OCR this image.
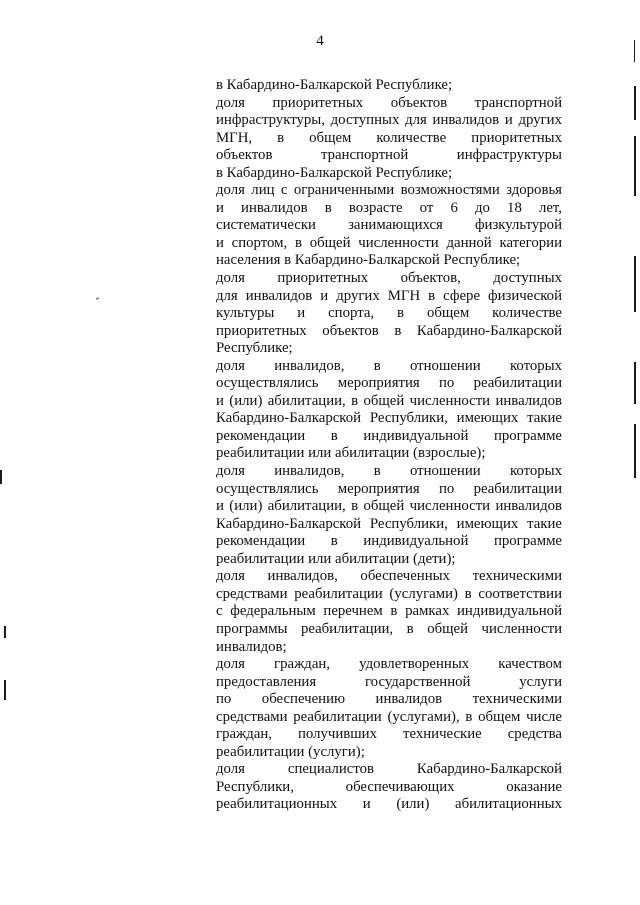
4
в Кабардино-Балкарской Республике;
доля приоритетных объектов транспортной
инфраструктуры, доступных для инвалидов и других
МГН, в общем количестве приоритетных
объектов транспортной инфраструктуры
в Кабардино-Балкарской Республике;
доля лиц с ограниченными возможностями здоровья
и инвалидов в возрасте от 6 до 18 лет,
систематически занимающихся физкультурой
и спортом, в общей численности данной категории
населения в Кабардино-Балкарской Республике;
доля приоритетных объектов, доступных
для инвалидов и других МГН в сфере физической
культуры и спорта, в общем количестве
приоритетных объектов в Кабардино-Балкарской
Республике;
доля инвалидов, в отношении которых
осуществлялись мероприятия по реабилитации
и (или) абилитации, в общей численности инвалидов
Кабардино-Балкарской Республики, имеющих такие
рекомендации в индивидуальной программе
реабилитации или абилитации (взрослые);
доля инвалидов, в отношении которых
осуществлялись мероприятия по реабилитации
и (или) абилитации, в общей численности инвалидов
Кабардино-Балкарской Республики, имеющих такие
рекомендации в индивидуальной программе
реабилитации или абилитации (дети);
доля инвалидов, обеспеченных техническими
средствами реабилитации (услугами) в соответствии
с федеральным перечнем в рамках индивидуальной
программы реабилитации, в общей численности
инвалидов;
доля граждан, удовлетворенных качеством
предоставления государственной услуги
по обеспечению инвалидов техническими
средствами реабилитации (услугами), в общем числе
граждан, получивших технические средства
реабилитации (услуги);
доля специалистов Кабардино-Балкарской
Республики, обеспечивающих оказание
реабилитационных и (или) абилитационных
